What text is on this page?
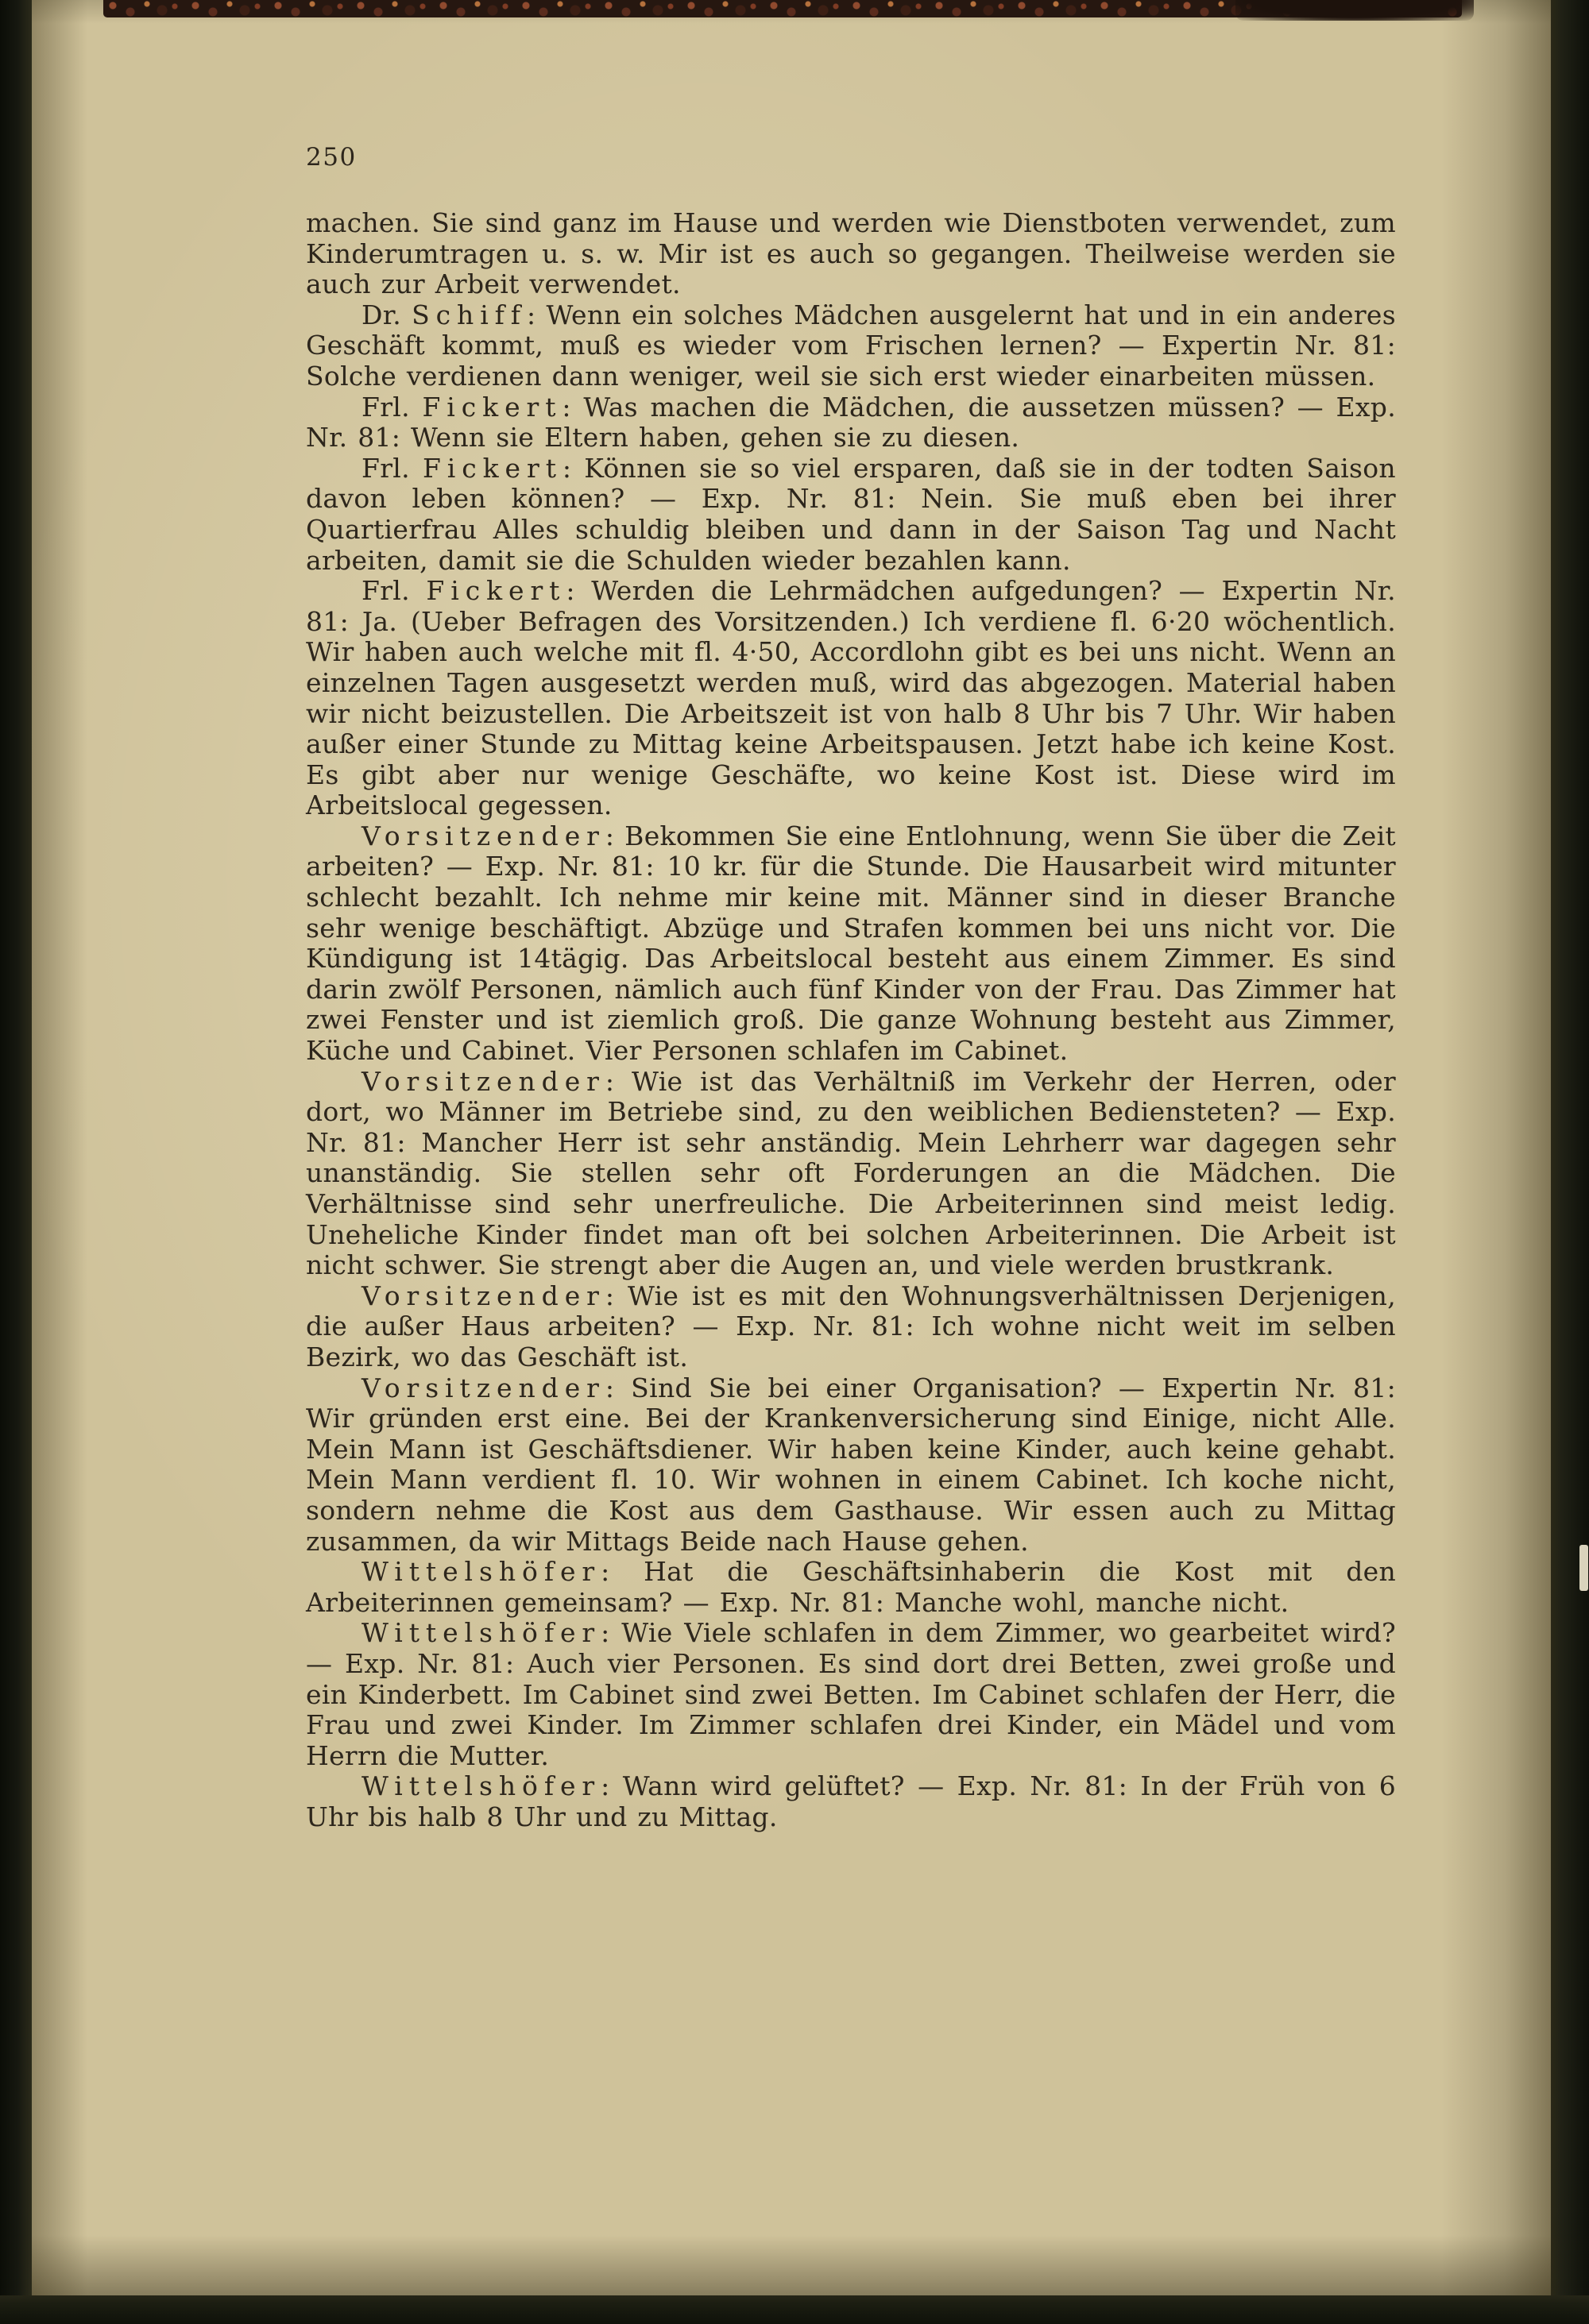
250

machen. Sie sind ganz im Hause und werden wie Dienstboten verwendet, zum Kinderumtragen u. s. w. Mir ist es auch so gegangen. Theilweise werden sie auch zur Arbeit verwendet.

Dr. Schiff: Wenn ein solches Mädchen ausgelernt hat und in ein anderes Geschäft kommt, muß es wieder vom Frischen lernen? — Expertin Nr. 81: Solche verdienen dann weniger, weil sie sich erst wieder einarbeiten müssen.

Frl. Fickert: Was machen die Mädchen, die aussetzen müssen? — Exp. Nr. 81: Wenn sie Eltern haben, gehen sie zu diesen.

Frl. Fickert: Können sie so viel ersparen, daß sie in der todten Saison davon leben können? — Exp. Nr. 81: Nein. Sie muß eben bei ihrer Quartierfrau Alles schuldig bleiben und dann in der Saison Tag und Nacht arbeiten, damit sie die Schulden wieder bezahlen kann.

Frl. Fickert: Werden die Lehrmädchen aufgedungen? — Expertin Nr. 81: Ja. (Ueber Befragen des Vorsitzenden.) Ich verdiene fl. 6·20 wöchentlich. Wir haben auch welche mit fl. 4·50, Accordlohn gibt es bei uns nicht. Wenn an einzelnen Tagen ausgesetzt werden muß, wird das abgezogen. Material haben wir nicht beizustellen. Die Arbeitszeit ist von halb 8 Uhr bis 7 Uhr. Wir haben außer einer Stunde zu Mittag keine Arbeitspausen. Jetzt habe ich keine Kost. Es gibt aber nur wenige Geschäfte, wo keine Kost ist. Diese wird im Arbeitslocal gegessen.

Vorsitzender: Bekommen Sie eine Entlohnung, wenn Sie über die Zeit arbeiten? — Exp. Nr. 81: 10 kr. für die Stunde. Die Hausarbeit wird mitunter schlecht bezahlt. Ich nehme mir keine mit. Männer sind in dieser Branche sehr wenige beschäftigt. Abzüge und Strafen kommen bei uns nicht vor. Die Kündigung ist 14tägig. Das Arbeitslocal besteht aus einem Zimmer. Es sind darin zwölf Personen, nämlich auch fünf Kinder von der Frau. Das Zimmer hat zwei Fenster und ist ziemlich groß. Die ganze Wohnung besteht aus Zimmer, Küche und Cabinet. Vier Personen schlafen im Cabinet.

Vorsitzender: Wie ist das Verhältniß im Verkehr der Herren, oder dort, wo Männer im Betriebe sind, zu den weiblichen Bediensteten? — Exp. Nr. 81: Mancher Herr ist sehr anständig. Mein Lehrherr war dagegen sehr unanständig. Sie stellen sehr oft Forderungen an die Mädchen. Die Verhältnisse sind sehr unerfreuliche. Die Arbeiterinnen sind meist ledig. Uneheliche Kinder findet man oft bei solchen Arbeiterinnen. Die Arbeit ist nicht schwer. Sie strengt aber die Augen an, und viele werden brustkrank.

Vorsitzender: Wie ist es mit den Wohnungsverhältnissen Derjenigen, die außer Haus arbeiten? — Exp. Nr. 81: Ich wohne nicht weit im selben Bezirk, wo das Geschäft ist.

Vorsitzender: Sind Sie bei einer Organisation? — Expertin Nr. 81: Wir gründen erst eine. Bei der Krankenversicherung sind Einige, nicht Alle. Mein Mann ist Geschäftsdiener. Wir haben keine Kinder, auch keine gehabt. Mein Mann verdient fl. 10. Wir wohnen in einem Cabinet. Ich koche nicht, sondern nehme die Kost aus dem Gasthause. Wir essen auch zu Mittag zusammen, da wir Mittags Beide nach Hause gehen.

Wittelshöfer: Hat die Geschäftsinhaberin die Kost mit den Arbeiterinnen gemeinsam? — Exp. Nr. 81: Manche wohl, manche nicht.

Wittelshöfer: Wie Viele schlafen in dem Zimmer, wo gearbeitet wird? — Exp. Nr. 81: Auch vier Personen. Es sind dort drei Betten, zwei große und ein Kinderbett. Im Cabinet sind zwei Betten. Im Cabinet schlafen der Herr, die Frau und zwei Kinder. Im Zimmer schlafen drei Kinder, ein Mädel und vom Herrn die Mutter.

Wittelshöfer: Wann wird gelüftet? — Exp. Nr. 81: In der Früh von 6 Uhr bis halb 8 Uhr und zu Mittag.
